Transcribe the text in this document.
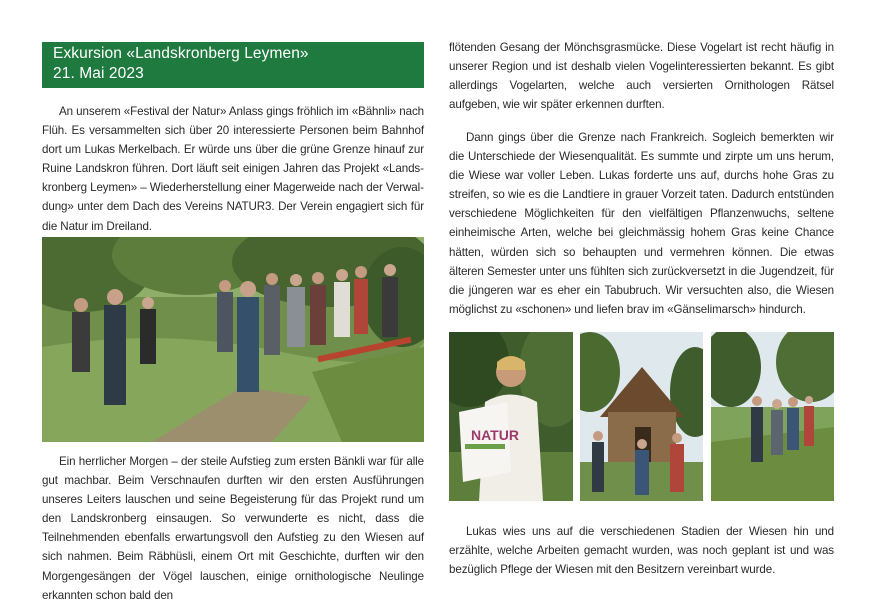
Exkursion «Landskronberg Leymen»
21. Mai 2023

An unserem «Festival der Natur» Anlass gings fröhlich im «Bähnli» nach Flüh. Es versammelten sich über 20 interessierte Personen beim Bahnhof dort um Lukas Merkelbach. Er würde uns über die grüne Grenze hinauf zur Ruine Landskron führen. Dort läuft seit einigen Jahren das Projekt «Landskronberg Leymen» – Wiederherstellung einer Magerweide nach der Verwaldung» unter dem Dach des Vereins NATUR3. Der Verein engagiert sich für die Natur im Dreiland.

Ein herrlicher Morgen – der steile Aufstieg zum ersten Bänkli war für alle gut machbar. Beim Verschnaufen durften wir den ersten Ausführungen unseres Leiters lauschen und seine Begeisterung für das Projekt rund um den Landskronberg einsaugen. So verwunderte es nicht, dass die Teilnehmenden ebenfalls erwartungsvoll den Aufstieg zu den Wiesen auf sich nahmen. Beim Räbhüsli, einem Ort mit Geschichte, durften wir den Morgengesängen der Vögel lauschen, einige ornithologische Neulinge erkannten schon bald den

flötenden Gesang der Mönchsgrasmücke. Diese Vogelart ist recht häufig in unserer Region und ist deshalb vielen Vogelinteressierten bekannt. Es gibt allerdings Vogelarten, welche auch versierten Ornithologen Rätsel aufgeben, wie wir später erkennen durften.

Dann gings über die Grenze nach Frankreich. Sogleich bemerkten wir die Unterschiede der Wiesenqualität. Es summte und zirpte um uns herum, die Wiese war voller Leben. Lukas forderte uns auf, durchs hohe Gras zu streifen, so wie es die Landtiere in grauer Vorzeit taten. Dadurch entstünden verschiedene Möglichkeiten für den vielfältigen Pflanzenwuchs, seltene einheimische Arten, welche bei gleichmässig hohem Gras keine Chance hätten, würden sich so behaupten und vermehren können. Die etwas älteren Semester unter uns fühlten sich zurückversetzt in die Jugendzeit, für die jüngeren war es eher ein Tabubruch. Wir versuchten also, die Wiesen möglichst zu «schonen» und liefen brav im «Gänselimarsch» hindurch.

NATUR

Lukas wies uns auf die verschiedenen Stadien der Wiesen hin und erzählte, welche Arbeiten gemacht wurden, was noch geplant ist und was bezüglich Pflege der Wiesen mit den Besitzern vereinbart wurde.
